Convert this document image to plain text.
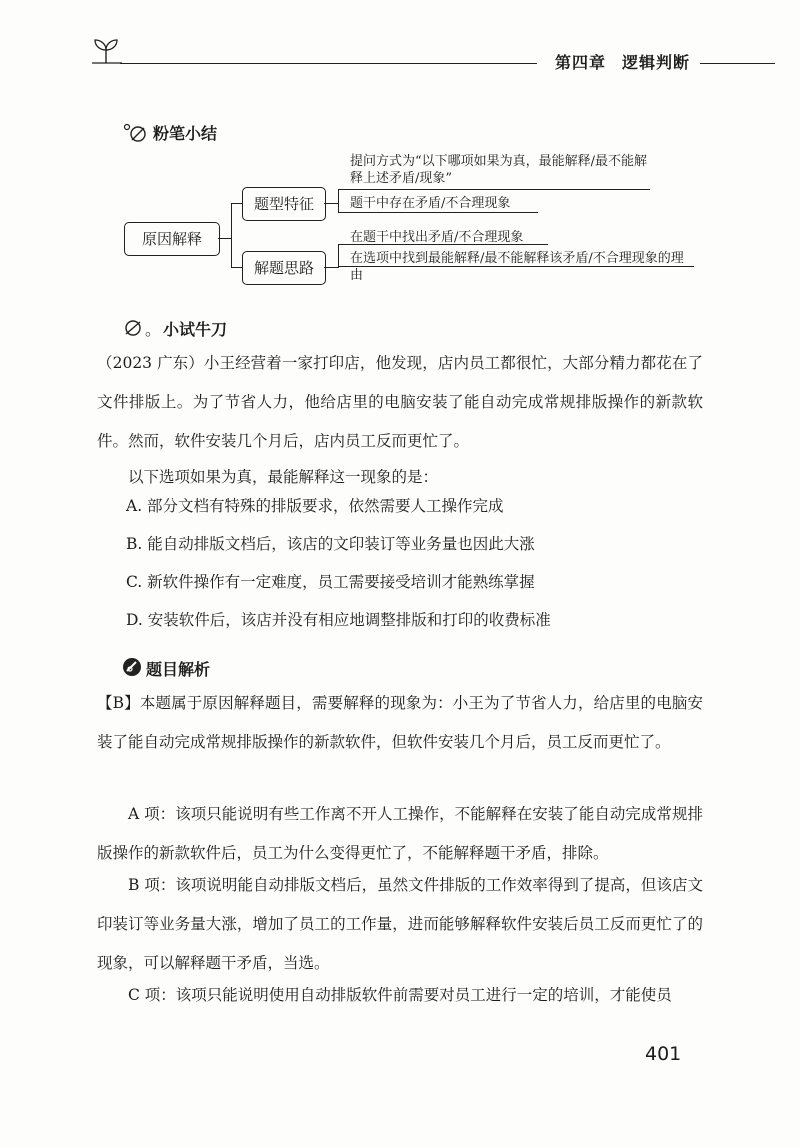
第四章 逻辑判断
粉笔小结
原因解释
题型特征
解题思路
提问方式为“以下哪项如果为真，最能解释/最不能解释上述矛盾/现象”
题干中存在矛盾/不合理现象
在题干中找出矛盾/不合理现象
在选项中找到最能解释/最不能解释该矛盾/不合理现象的理由
。 小试牛刀
（2023 广东）小王经营着一家打印店，他发现，店内员工都很忙，大部分精力都花在了文件排版上。为了节省人力，他给店里的电脑安装了能自动完成常规排版操作的新款软件。然而，软件安装几个月后，店内员工反而更忙了。
以下选项如果为真，最能解释这一现象的是：
A. 部分文档有特殊的排版要求，依然需要人工操作完成
B. 能自动排版文档后，该店的文印装订等业务量也因此大涨
C. 新软件操作有一定难度，员工需要接受培训才能熟练掌握
D. 安装软件后，该店并没有相应地调整排版和打印的收费标准
题目解析
【B】本题属于原因解释题目，需要解释的现象为：小王为了节省人力，给店里的电脑安装了能自动完成常规排版操作的新款软件，但软件安装几个月后，员工反而更忙了。
A 项：该项只能说明有些工作离不开人工操作，不能解释在安装了能自动完成常规排版操作的新款软件后，员工为什么变得更忙了，不能解释题干矛盾，排除。
B 项：该项说明能自动排版文档后，虽然文件排版的工作效率得到了提高，但该店文印装订等业务量大涨，增加了员工的工作量，进而能够解释软件安装后员工反而更忙了的现象，可以解释题干矛盾，当选。
C 项：该项只能说明使用自动排版软件前需要对员工进行一定的培训，才能使员
401
